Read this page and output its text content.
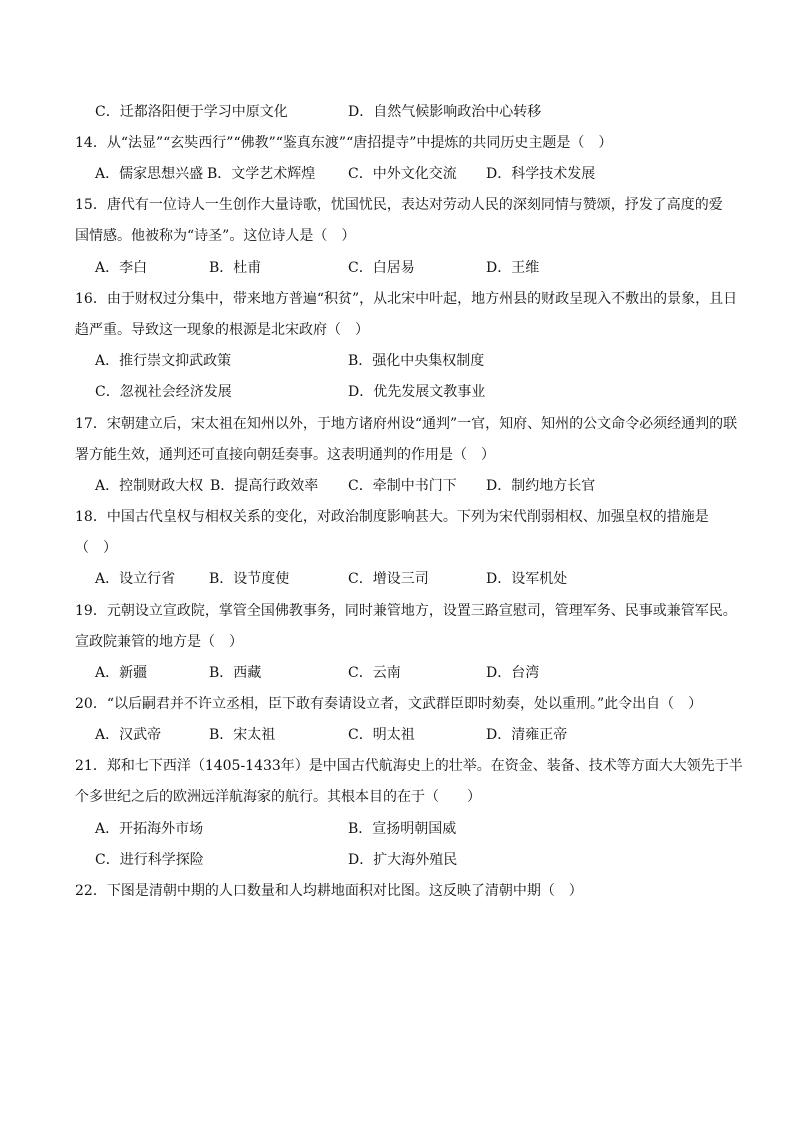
C．迁都洛阳便于学习中原文化	D．自然气候影响政治中心转移
14．从“法显”“玄奘西行”“佛教”“鉴真东渡”“唐招提寺”中提炼的共同历史主题是（　）
A．儒家思想兴盛 B．文学艺术辉煌 C．中外文化交流 D．科学技术发展
15．唐代有一位诗人一生创作大量诗歌，忧国忧民，表达对劳动人民的深刻同情与赞颂，抒发了高度的爱
国情感。他被称为“诗圣”。这位诗人是（　）
A．李白	B．杜甫	C．白居易	D．王维
16．由于财权过分集中，带来地方普遍“积贫”，从北宋中叶起，地方州县的财政呈现入不敷出的景象，且日
趋严重。导致这一现象的根源是北宋政府（　）
A．推行崇文抑武政策	B．强化中央集权制度
C．忽视社会经济发展	D．优先发展文教事业
17．宋朝建立后，宋太祖在知州以外，于地方诸府州设“通判”一官，知府、知州的公文命令必须经通判的联
署方能生效，通判还可直接向朝廷奏事。这表明通判的作用是（　）
A．控制财政大权 B．提高行政效率 C．牵制中书门下 D．制约地方长官
18．中国古代皇权与相权关系的变化，对政治制度影响甚大。下列为宋代削弱相权、加强皇权的措施是
（　）
A．设立行省 B．设节度使	C．增设三司	D．设军机处
19．元朝设立宣政院，掌管全国佛教事务，同时兼管地方，设置三路宣慰司，管理军务、民事或兼管军民。
宣政院兼管的地方是（　）
A．新疆	B．西藏	C．云南	D．台湾
20．“以后嗣君并不许立丞相，臣下敢有奏请设立者，文武群臣即时劾奏，处以重刑。”此令出自（　）
A．汉武帝	B．宋太祖	C．明太祖	D．清雍正帝
21．郑和七下西洋（1405-1433年）是中国古代航海史上的壮举。在资金、装备、技术等方面大大领先于半
个多世纪之后的欧洲远洋航海家的航行。其根本目的在于（　　）
A．开拓海外市场	B．宣扬明朝国威
C．进行科学探险	D．扩大海外殖民
22．下图是清朝中期的人口数量和人均耕地面积对比图。这反映了清朝中期（　）
